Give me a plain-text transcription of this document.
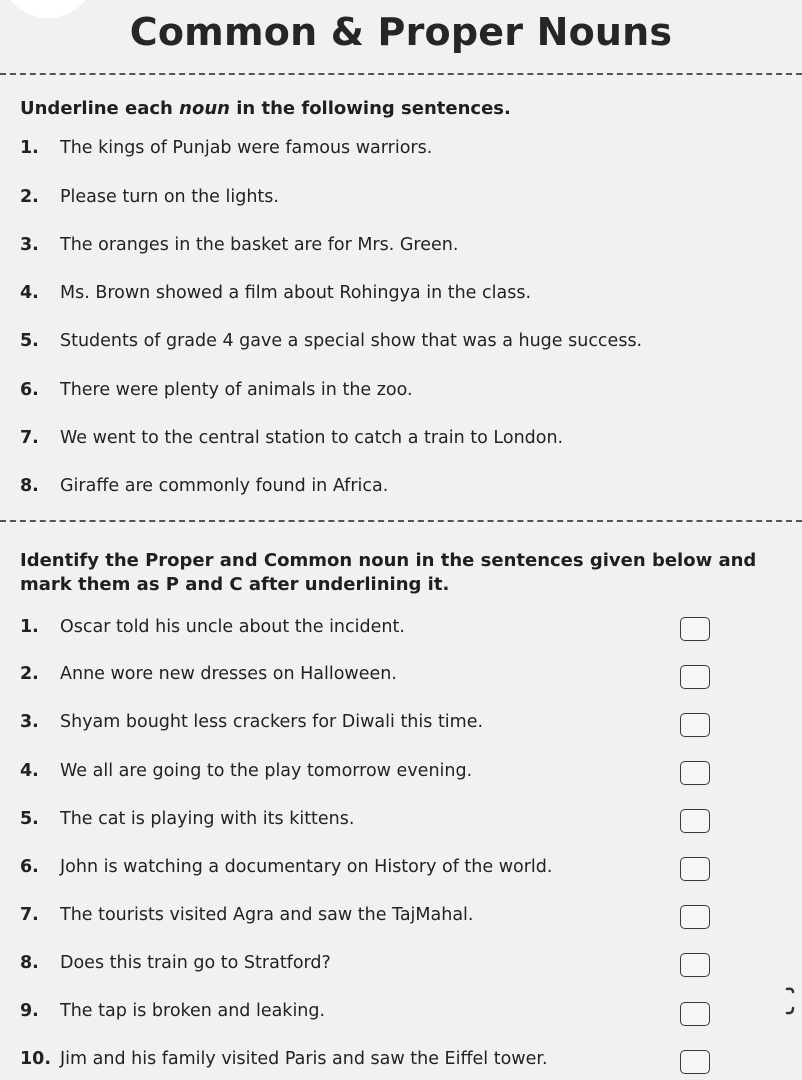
Common & Proper Nouns
Underline each noun in the following sentences.
1. The kings of Punjab were famous warriors.
2. Please turn on the lights.
3. The oranges in the basket are for Mrs. Green.
4. Ms. Brown showed a film about Rohingya in the class.
5. Students of grade 4 gave a special show that was a huge success.
6. There were plenty of animals in the zoo.
7. We went to the central station to catch a train to London.
8. Giraffe are commonly found in Africa.
Identify the Proper and Common noun in the sentences given below and
mark them as P and C after underlining it.
1. Oscar told his uncle about the incident.
2. Anne wore new dresses on Halloween.
3. Shyam bought less crackers for Diwali this time.
4. We all are going to the play tomorrow evening.
5. The cat is playing with its kittens.
6. John is watching a documentary on History of the world.
7. The tourists visited Agra and saw the TajMahal.
8. Does this train go to Stratford?
9. The tap is broken and leaking.
10. Jim and his family visited Paris and saw the Eiffel tower.
